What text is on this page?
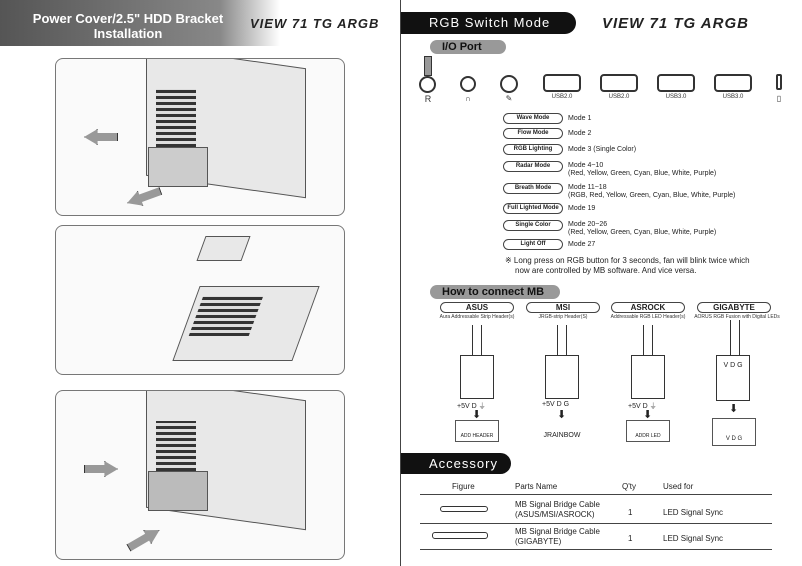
Power Cover/2.5" HDD Bracket
Installation
VIEW 71 TG ARGB	RGB Switch Mode	VIEW 71 TG ARGB
I/O Port
R	∩	✎	USB2.0	USB2.0	USB3.0	USB3.0	▯
Wave Mode	Mode 1
Flow Mode	Mode 2
RGB Lighting	Mode 3 (Single Color)
Radar Mode	Mode 4~10
(Red, Yellow, Green, Cyan, Blue, White, Purple)
Breath Mode	Mode 11~18
(RGB, Red, Yellow, Green, Cyan, Blue, White, Purple)
Full Lighted Mode	Mode 19
Single Color	Mode 20~26
(Red, Yellow, Green, Cyan, Blue, White, Purple)
Light Off	Mode 27
※ Long press on RGB button for 3 seconds, fan will blink twice which
now are controlled by MB software. And vice versa.
How to connect MB
ASUS
Aura Addressable Strip Header(s)
MSI
JRGB-strip Header(S)
ASROCK
Addressable RGB LED Header(s)
GIGABYTE
AORUS RGB Fusion with Digital LEDs
+5V D ⏚
⬇
ADD HEADER
+5V D G
⬇
JRAINBOW
+5V D ⏚
⬇
ADDR LED
V D G
⬇
V D G
Accessory
Figure	Parts Name	Q'ty	Used for
MB Signal Bridge Cable
(ASUS/MSI/ASROCK)	1	LED Signal Sync
MB Signal Bridge Cable
(GIGABYTE)	1	LED Signal Sync
